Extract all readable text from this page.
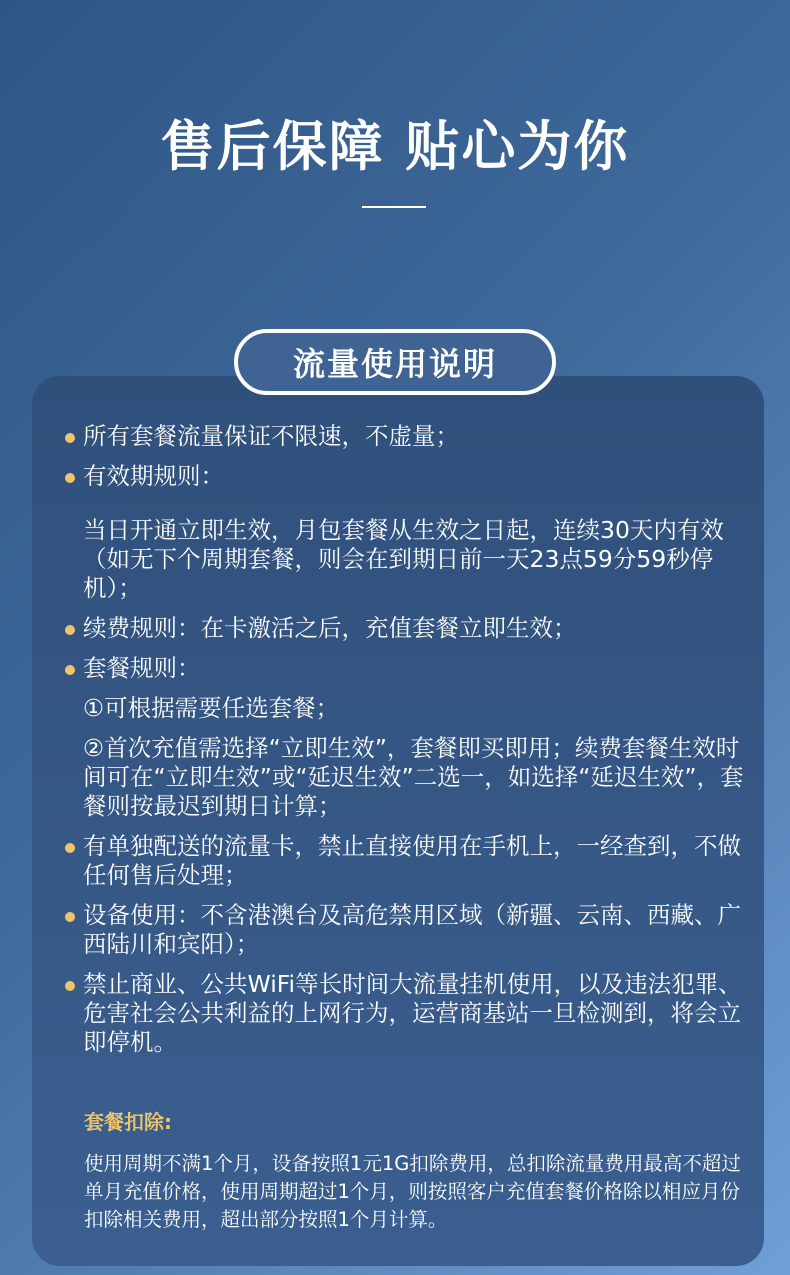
售后保障 贴心为你
流量使用说明
所有套餐流量保证不限速，不虚量；
有效期规则：
当日开通立即生效，月包套餐从生效之日起，连续30天内有效（如无下个周期套餐，则会在到期日前一天23点59分59秒停机）；
续费规则：在卡激活之后，充值套餐立即生效；
套餐规则：
①可根据需要任选套餐；
②首次充值需选择“立即生效”，套餐即买即用；续费套餐生效时间可在“立即生效”或“延迟生效”二选一，如选择“延迟生效”，套餐则按最迟到期日计算；
有单独配送的流量卡，禁止直接使用在手机上，一经查到，不做任何售后处理；
设备使用：不含港澳台及高危禁用区域（新疆、云南、西藏、广西陆川和宾阳）；
禁止商业、公共WiFi等长时间大流量挂机使用，以及违法犯罪、危害社会公共利益的上网行为，运营商基站一旦检测到，将会立即停机。
套餐扣除:
使用周期不满1个月，设备按照1元1G扣除费用，总扣除流量费用最高不超过单月充值价格，使用周期超过1个月，则按照客户充值套餐价格除以相应月份扣除相关费用，超出部分按照1个月计算。
